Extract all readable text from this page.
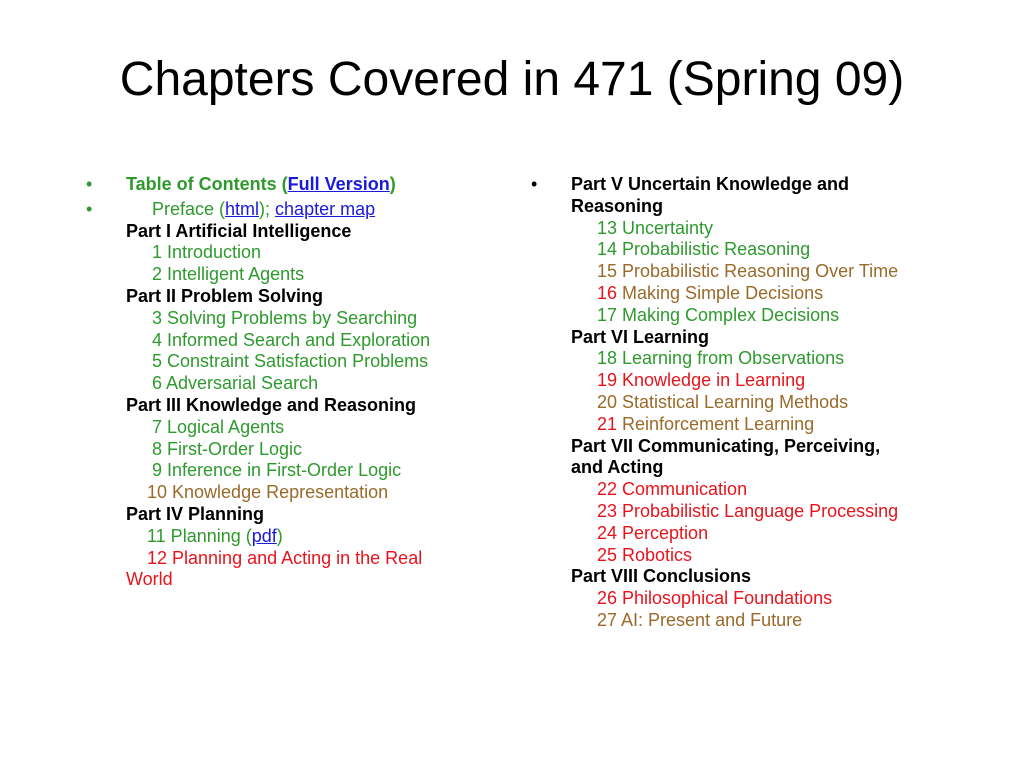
Chapters Covered in 471 (Spring 09)
• Table of Contents (Full Version)
•	Preface (html); chapter map
Part I Artificial Intelligence
1 Introduction
2 Intelligent Agents
Part II Problem Solving
3 Solving Problems by Searching
4 Informed Search and Exploration
5 Constraint Satisfaction Problems
6 Adversarial Search
Part III Knowledge and Reasoning
7 Logical Agents
8 First-Order Logic
9 Inference in First-Order Logic
10 Knowledge Representation
Part IV Planning
11 Planning (pdf)
12 Planning and Acting in the Real
World
• Part V Uncertain Knowledge and
Reasoning
13 Uncertainty
14 Probabilistic Reasoning
15 Probabilistic Reasoning Over Time
16 Making Simple Decisions
17 Making Complex Decisions
Part VI Learning
18 Learning from Observations
19 Knowledge in Learning
20 Statistical Learning Methods
21 Reinforcement Learning
Part VII Communicating, Perceiving,
and Acting
22 Communication
23 Probabilistic Language Processing
24 Perception
25 Robotics
Part VIII Conclusions
26 Philosophical Foundations
27 AI: Present and Future
